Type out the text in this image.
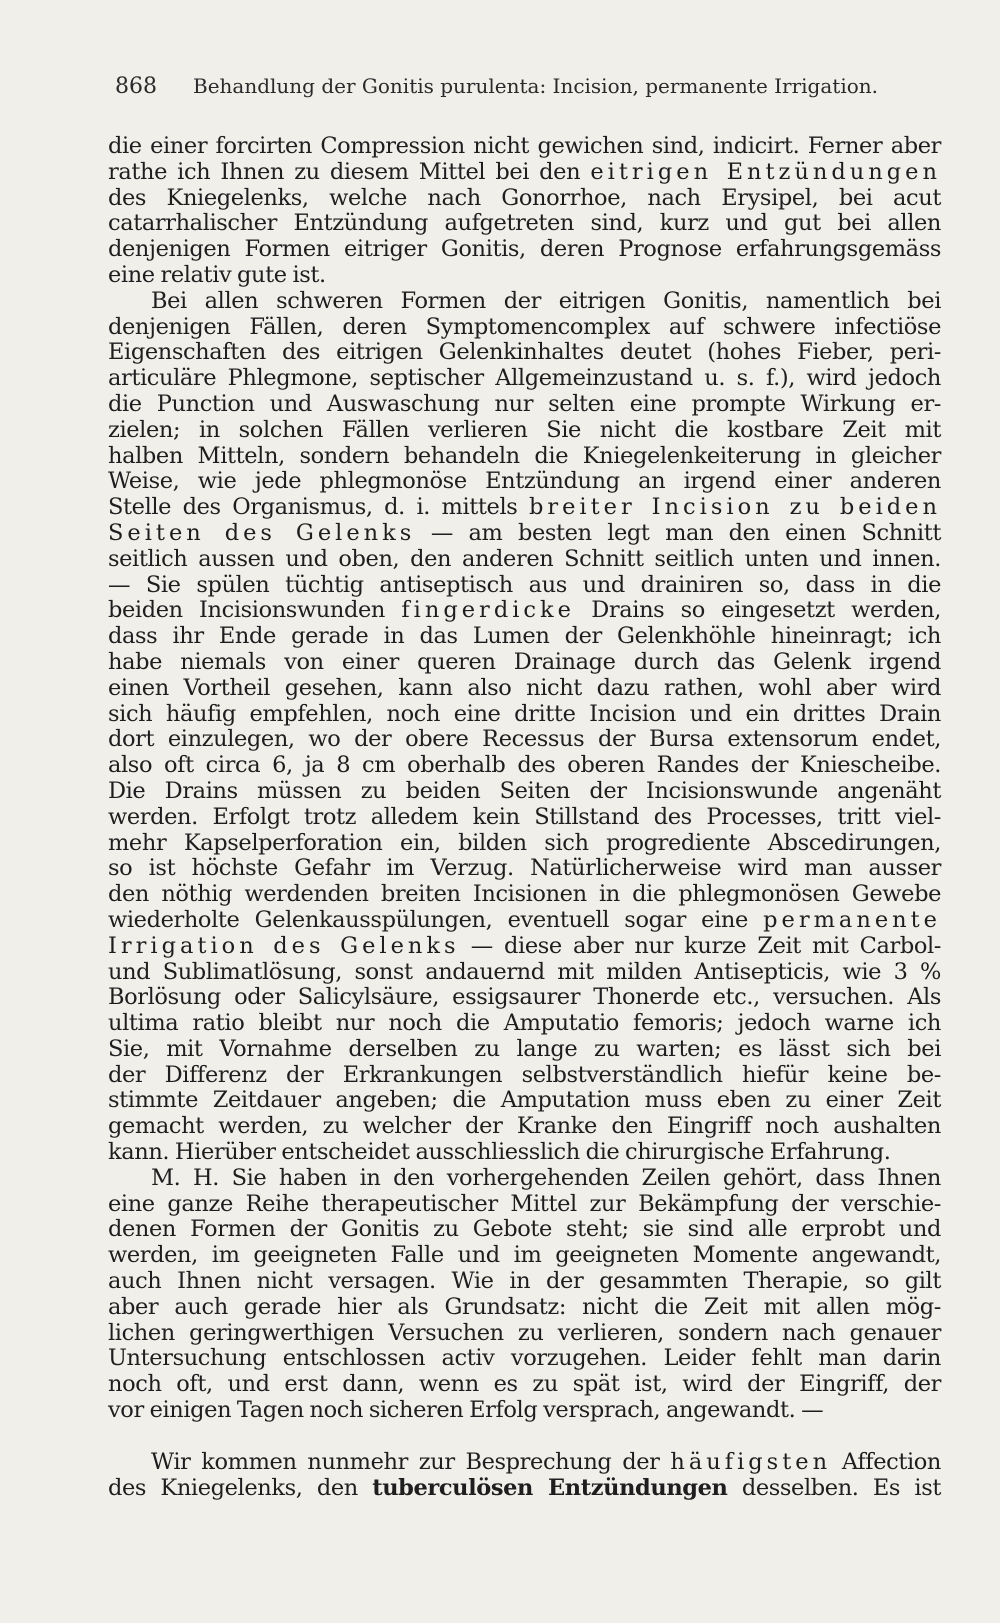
868 Behandlung der Gonitis purulenta: Incision, permanente Irrigation.
die einer forcirten Compression nicht gewichen sind, indicirt. Ferner aber
rathe ich Ihnen zu diesem Mittel bei den eitrigen Entzündungen
des Kniegelenks, welche nach Gonorrhoe, nach Erysipel, bei acut
catarrhalischer Entzündung aufgetreten sind, kurz und gut bei allen
denjenigen Formen eitriger Gonitis, deren Prognose erfahrungsgemäss
eine relativ gute ist.
Bei allen schweren Formen der eitrigen Gonitis, namentlich bei
denjenigen Fällen, deren Symptomencomplex auf schwere infectiöse
Eigenschaften des eitrigen Gelenkinhaltes deutet (hohes Fieber, peri-
articuläre Phlegmone, septischer Allgemeinzustand u. s. f.), wird jedoch
die Punction und Auswaschung nur selten eine prompte Wirkung er-
zielen; in solchen Fällen verlieren Sie nicht die kostbare Zeit mit
halben Mitteln, sondern behandeln die Kniegelenkeiterung in gleicher
Weise, wie jede phlegmonöse Entzündung an irgend einer anderen
Stelle des Organismus, d. i. mittels breiter Incision zu beiden
Seiten des Gelenks — am besten legt man den einen Schnitt
seitlich aussen und oben, den anderen Schnitt seitlich unten und innen.
— Sie spülen tüchtig antiseptisch aus und drainiren so, dass in die
beiden Incisionswunden fingerdicke Drains so eingesetzt werden,
dass ihr Ende gerade in das Lumen der Gelenkhöhle hineinragt; ich
habe niemals von einer queren Drainage durch das Gelenk irgend
einen Vortheil gesehen, kann also nicht dazu rathen, wohl aber wird
sich häufig empfehlen, noch eine dritte Incision und ein drittes Drain
dort einzulegen, wo der obere Recessus der Bursa extensorum endet,
also oft circa 6, ja 8 cm oberhalb des oberen Randes der Kniescheibe.
Die Drains müssen zu beiden Seiten der Incisionswunde angenäht
werden. Erfolgt trotz alledem kein Stillstand des Processes, tritt viel-
mehr Kapselperforation ein, bilden sich progrediente Abscedirungen,
so ist höchste Gefahr im Verzug. Natürlicherweise wird man ausser
den nöthig werdenden breiten Incisionen in die phlegmonösen Gewebe
wiederholte Gelenkausspülungen, eventuell sogar eine permanente
Irrigation des Gelenks — diese aber nur kurze Zeit mit Carbol-
und Sublimatlösung, sonst andauernd mit milden Antisepticis, wie 3 %
Borlösung oder Salicylsäure, essigsaurer Thonerde etc., versuchen. Als
ultima ratio bleibt nur noch die Amputatio femoris; jedoch warne ich
Sie, mit Vornahme derselben zu lange zu warten; es lässt sich bei
der Differenz der Erkrankungen selbstverständlich hiefür keine be-
stimmte Zeitdauer angeben; die Amputation muss eben zu einer Zeit
gemacht werden, zu welcher der Kranke den Eingriff noch aushalten
kann. Hierüber entscheidet ausschliesslich die chirurgische Erfahrung.
M. H. Sie haben in den vorhergehenden Zeilen gehört, dass Ihnen
eine ganze Reihe therapeutischer Mittel zur Bekämpfung der verschie-
denen Formen der Gonitis zu Gebote steht; sie sind alle erprobt und
werden, im geeigneten Falle und im geeigneten Momente angewandt,
auch Ihnen nicht versagen. Wie in der gesammten Therapie, so gilt
aber auch gerade hier als Grundsatz: nicht die Zeit mit allen mög-
lichen geringwerthigen Versuchen zu verlieren, sondern nach genauer
Untersuchung entschlossen activ vorzugehen. Leider fehlt man darin
noch oft, und erst dann, wenn es zu spät ist, wird der Eingriff, der
vor einigen Tagen noch sicheren Erfolg versprach, angewandt. —
Wir kommen nunmehr zur Besprechung der häufigsten Affection
des Kniegelenks, den tuberculösen Entzündungen desselben. Es ist
